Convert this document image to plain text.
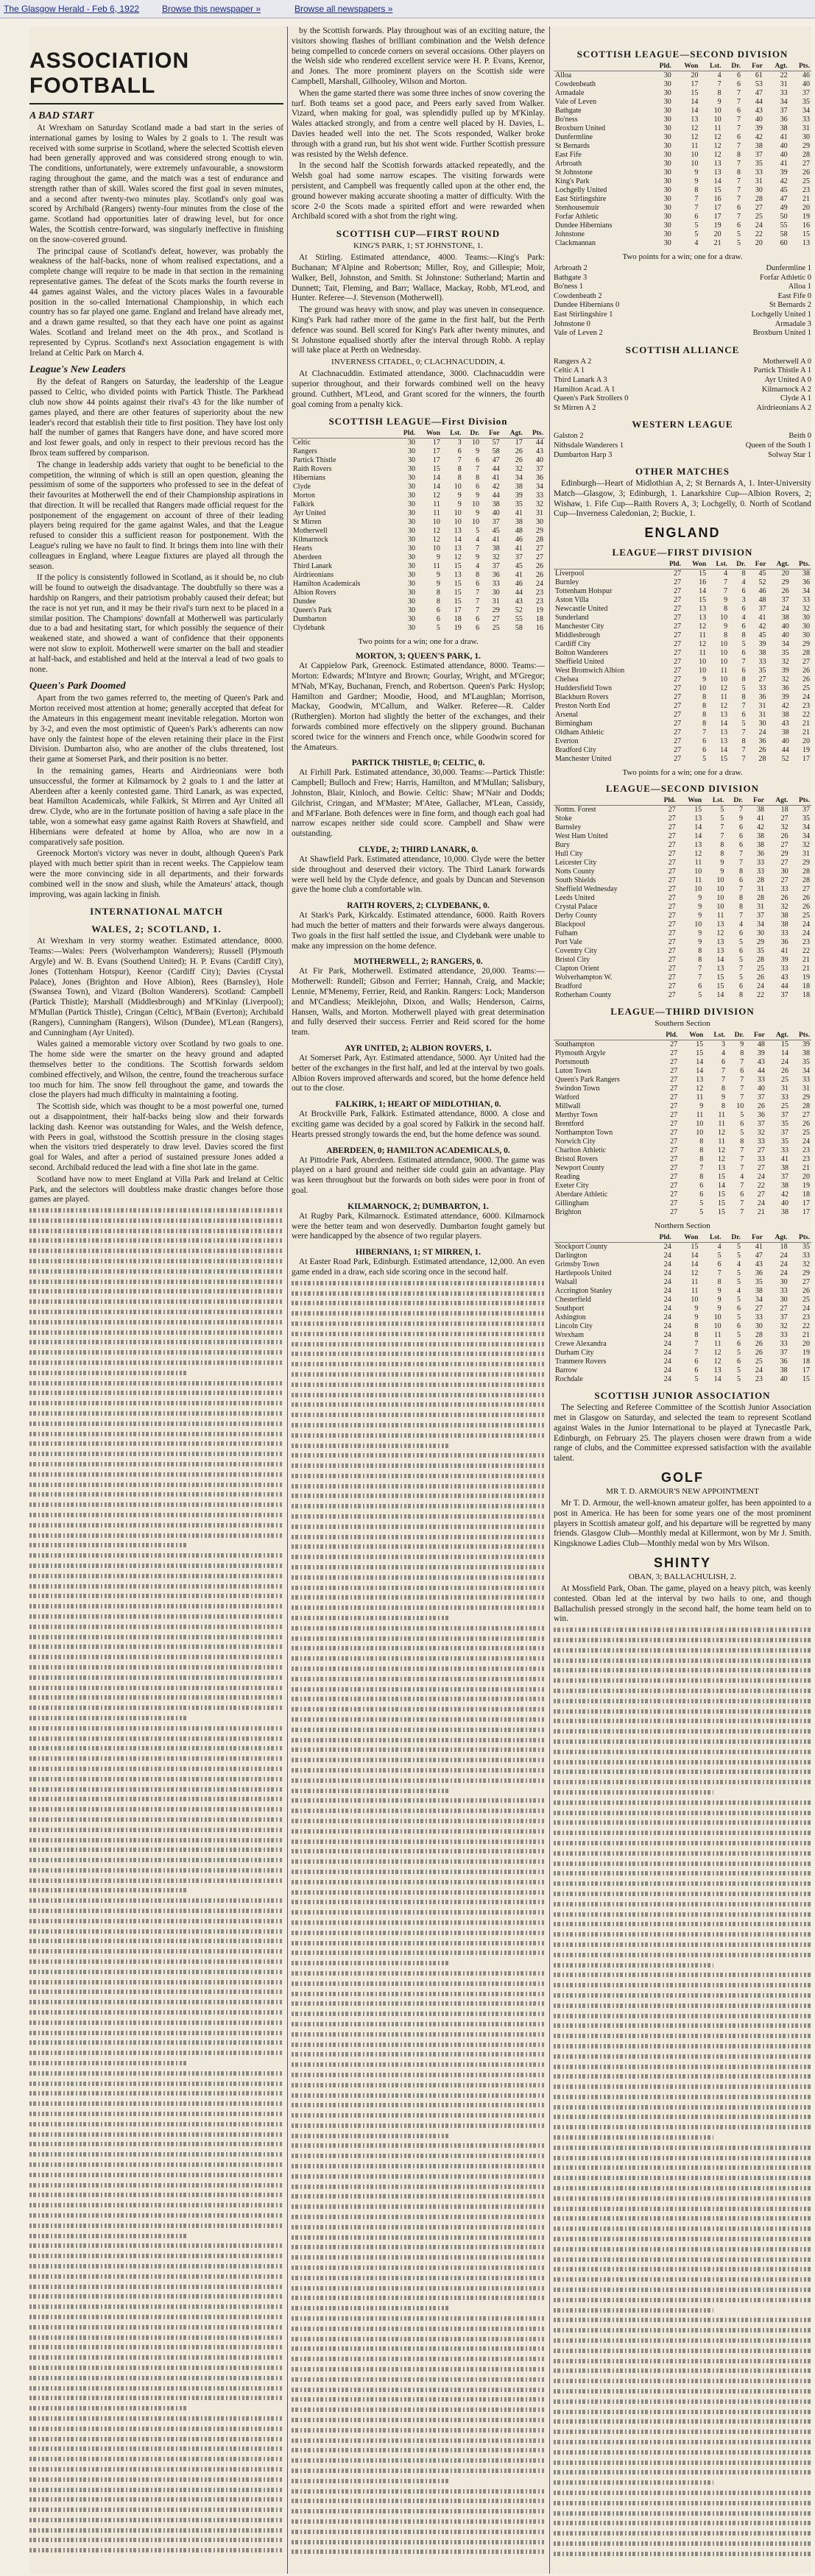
The Glasgow Herald - Feb 6, 1922	Browse this newspaper »	Browse all newspapers »
ASSOCIATION FOOTBALL
A BAD START

At Wrexham on Saturday Scotland made a bad start in the series of international games by losing to Wales by 2 goals to 1. The result was received with some surprise in Scotland, where the selected Scottish eleven had been generally approved and was considered strong enough to win. The conditions, unfortunately, were extremely unfavourable, a snowstorm raging throughout the game, and the match was a test of endurance and strength rather than of skill. Wales scored the first goal in seven minutes, and a second after twenty-two minutes play. Scotland's only goal was scored by Archibald (Rangers) twenty-four minutes from the close of the game. Scotland had opportunities later of drawing level, but for once Wales, the Scottish centre-forward, was singularly ineffective in finishing on the snow-covered ground.

The principal cause of Scotland's defeat, however, was probably the weakness of the half-backs, none of whom realised expectations, and a complete change will require to be made in that section in the remaining representative games. The defeat of the Scots marks the fourth reverse in 44 games against Wales, and the victory places Wales in a favourable position in the so-called International Championship, in which each country has so far played one game. England and Ireland have already met, and a drawn game resulted, so that they each have one point as against Wales. Scotland and Ireland meet on the 4th prox., and Scotland is represented by Cyprus. Scotland's next Association engagement is with Ireland at Celtic Park on March 4.

League's New Leaders

By the defeat of Rangers on Saturday, the leadership of the League passed to Celtic, who divided points with Partick Thistle. The Parkhead club now show 44 points against their rival's 43 for the like number of games played, and there are other features of superiority about the new leader's record that establish their title to first position. They have lost only half the number of games that Rangers have done, and have scored more and lost fewer goals, and only in respect to their previous record has the Ibrox team suffered by comparison.

The change in leadership adds variety that ought to be beneficial to the competition, the winning of which is still an open question, gleaning the pessimism of some of the supporters who professed to see in the defeat of their favourites at Motherwell the end of their Championship aspirations in that direction. It will be recalled that Rangers made official request for the postponement of the engagement on account of three of their leading players being required for the game against Wales, and that the League refused to consider this a sufficient reason for postponement. With the League's ruling we have no fault to find. It brings them into line with their colleagues in England, where League fixtures are played all through the season.

If the policy is consistently followed in Scotland, as it should be, no club will be found to outweigh the disadvantage. The doubtfully so there was a hardship on Rangers, and their patriotism probably caused their defeat; but the race is not yet run, and it may be their rival's turn next to be placed in a similar position. The Champions' downfall at Motherwell was particularly due to a bad and hesitating start, for which possibly the sequence of their weakened state, and showed a want of confidence that their opponents were not slow to exploit. Motherwell were smarter on the ball and steadier at half-back, and established and held at the interval a lead of two goals to none.

Queen's Park Doomed

Apart from the two games referred to, the meeting of Queen's Park and Morton received most attention at home; generally accepted that defeat for the Amateurs in this engagement meant inevitable relegation. Morton won by 3-2, and even the most optimistic of Queen's Park's adherents can now have only the faintest hope of the eleven retaining their place in the First Division. Dumbarton also, who are another of the clubs threatened, lost their game at Somerset Park, and their position is no better.

In the remaining games, Hearts and Airdrieonians were both unsuccessful, the former at Kilmarnock by 2 goals to 1 and the latter at Aberdeen after a keenly contested game. Third Lanark, as was expected, beat Hamilton Academicals, while Falkirk, St Mirren and Ayr United all drew. Clyde, who are in the fortunate position of having a safe place in the table, won a somewhat easy game against Raith Rovers at Shawfield, and Hibernians were defeated at home by Alloa, who are now in a comparatively safe position.

Greenock Morton's victory was never in doubt, although Queen's Park played with much better spirit than in recent weeks. The Cappielow team were the more convincing side in all departments, and their forwards combined well in the snow and slush, while the Amateurs' attack, though improving, was again lacking in finish.

INTERNATIONAL MATCH
WALES, 2; SCOTLAND, 1.

At Wrexham in very stormy weather. Estimated attendance, 8000. Teams:—Wales: Peers (Wolverhampton Wanderers); Russell (Plymouth Argyle) and W. B. Evans (Southend United); H. P. Evans (Cardiff City), Jones (Tottenham Hotspur), Keenor (Cardiff City); Davies (Crystal Palace), Jones (Brighton and Hove Albion), Rees (Barnsley), Hole (Swansea Town), and Vizard (Bolton Wanderers). Scotland: Campbell (Partick Thistle); Marshall (Middlesbrough) and M'Kinlay (Liverpool); M'Mullan (Partick Thistle), Cringan (Celtic), M'Bain (Everton); Archibald (Rangers), Cunningham (Rangers), Wilson (Dundee), M'Lean (Rangers), and Cunningham (Ayr United).

Wales gained a memorable victory over Scotland by two goals to one. The home side were the smarter on the heavy ground and adapted themselves better to the conditions. The Scottish forwards seldom combined effectively, and Wilson, the centre, found the treacherous surface too much for him. The snow fell throughout the game, and towards the close the players had much difficulty in maintaining a footing.

The Scottish side, which was thought to be a most powerful one, turned out a disappointment, their half-backs being slow and their forwards lacking dash. Keenor was outstanding for Wales, and the Welsh defence, with Peers in goal, withstood the Scottish pressure in the closing stages when the visitors tried desperately to draw level. Davies scored the first goal for Wales, and after a period of sustained pressure Jones added a second. Archibald reduced the lead with a fine shot late in the game.

Scotland have now to meet England at Villa Park and Ireland at Celtic Park, and the selectors will doubtless make drastic changes before those games are played.

by the Scottish forwards. Play throughout was of an exciting nature, the visitors showing flashes of brilliant combination and the Welsh defence being compelled to concede corners on several occasions. Other players on the Welsh side who rendered excellent service were H. P. Evans, Keenor, and Jones. The more prominent players on the Scottish side were Campbell, Marshall, Gilhooley, Wilson and Morton.

When the game started there was some three inches of snow covering the turf. Both teams set a good pace, and Peers early saved from Walker. Vizard, when making for goal, was splendidly pulled up by M'Kinlay. Wales attacked strongly, and from a centre well placed by H. Davies, L. Davies headed well into the net. The Scots responded, Walker broke through with a grand run, but his shot went wide. Further Scottish pressure was resisted by the Welsh defence.

In the second half the Scottish forwards attacked repeatedly, and the Welsh goal had some narrow escapes. The visiting forwards were persistent, and Campbell was frequently called upon at the other end, the ground however making accurate shooting a matter of difficulty. With the score 2-0 the Scots made a spirited effort and were rewarded when Archibald scored with a shot from the right wing.

SCOTTISH CUP—FIRST ROUND
KING'S PARK, 1; ST JOHNSTONE, 1.

At Stirling. Estimated attendance, 4000. Teams:—King's Park: Buchanan; M'Alpine and Robertson; Miller, Roy, and Gillespie; Moir, Walker, Bell, Johnston, and Smith. St Johnstone: Sutherland; Martin and Dunnett; Tait, Fleming, and Barr; Wallace, Mackay, Robb, M'Leod, and Hunter. Referee—J. Stevenson (Motherwell).

The ground was heavy with snow, and play was uneven in consequence. King's Park had rather more of the game in the first half, but the Perth defence was sound. Bell scored for King's Park after twenty minutes, and St Johnstone equalised shortly after the interval through Robb. A replay will take place at Perth on Wednesday.

INVERNESS CITADEL, 0; CLACHNACUDDIN, 4.

At Clachnacuddin. Estimated attendance, 3000. Clachnacuddin were superior throughout, and their forwards combined well on the heavy ground. Cuthbert, M'Leod, and Grant scored for the winners, the fourth goal coming from a penalty kick.

SCOTTISH LEAGUE—First Division
	Pld.	Won	Lst.	Dr.	For	Agt.	Pts.
Celtic	30	17	3	10	57	17	44
Rangers	30	17	6	9	58	26	43
Partick Thistle	30	17	7	6	47	26	40
Raith Rovers	30	15	8	7	44	32	37
Hibernians	30	14	8	8	41	34	36
Clyde	30	14	10	6	42	38	34
Morton	30	12	9	9	44	39	33
Falkirk	30	11	9	10	38	35	32
Ayr United	30	11	10	9	40	41	31
St Mirren	30	10	10	10	37	38	30
Motherwell	30	12	13	5	45	48	29
Kilmarnock	30	12	14	4	41	46	28
Hearts	30	10	13	7	38	41	27
Aberdeen	30	9	12	9	32	37	27
Third Lanark	30	11	15	4	37	45	26
Airdrieonians	30	9	13	8	36	41	26
Hamilton Academicals	30	9	15	6	33	46	24
Albion Rovers	30	8	15	7	30	44	23
Dundee	30	8	15	7	31	43	23
Queen's Park	30	6	17	7	29	52	19
Dumbarton	30	6	18	6	27	55	18
Clydebank	30	5	19	6	25	58	16
Two points for a win; one for a draw.
MORTON, 3; QUEEN'S PARK, 1.

At Cappielow Park, Greenock. Estimated attendance, 8000. Teams:—Morton: Edwards; M'Intyre and Brown; Gourlay, Wright, and M'Gregor; M'Nab, M'Kay, Buchanan, French, and Robertson. Queen's Park: Hyslop; Hamilton and Gardner; Moodie, Hood, and M'Laughlan; Morrison, Mackay, Goodwin, M'Callum, and Walker. Referee—R. Calder (Rutherglen). Morton had slightly the better of the exchanges, and their forwards combined more effectively on the slippery ground. Buchanan scored twice for the winners and French once, while Goodwin scored for the Amateurs.

PARTICK THISTLE, 0; CELTIC, 0.

At Firhill Park. Estimated attendance, 30,000. Teams:—Partick Thistle: Campbell; Bulloch and Frew; Harris, Hamilton, and M'Mullan; Salisbury, Johnston, Blair, Kinloch, and Bowie. Celtic: Shaw; M'Nair and Dodds; Gilchrist, Cringan, and M'Master; M'Atee, Gallacher, M'Lean, Cassidy, and M'Farlane. Both defences were in fine form, and though each goal had narrow escapes neither side could score. Campbell and Shaw were outstanding.

CLYDE, 2; THIRD LANARK, 0.

At Shawfield Park. Estimated attendance, 10,000. Clyde were the better side throughout and deserved their victory. The Third Lanark forwards were well held by the Clyde defence, and goals by Duncan and Stevenson gave the home club a comfortable win.

RAITH ROVERS, 2; CLYDEBANK, 0.

At Stark's Park, Kirkcaldy. Estimated attendance, 6000. Raith Rovers had much the better of matters and their forwards were always dangerous. Two goals in the first half settled the issue, and Clydebank were unable to make any impression on the home defence.

MOTHERWELL, 2; RANGERS, 0.

At Fir Park, Motherwell. Estimated attendance, 20,000. Teams:—Motherwell: Rundell; Gibson and Ferrier; Hannah, Craig, and Mackie; Lennie, M'Menemy, Ferrier, Reid, and Rankin. Rangers: Lock; Manderson and M'Candless; Meiklejohn, Dixon, and Walls; Henderson, Cairns, Hansen, Walls, and Morton. Motherwell played with great determination and fully deserved their success. Ferrier and Reid scored for the home team.

AYR UNITED, 2; ALBION ROVERS, 1.

At Somerset Park, Ayr. Estimated attendance, 5000. Ayr United had the better of the exchanges in the first half, and led at the interval by two goals. Albion Rovers improved afterwards and scored, but the home defence held out to the close.

FALKIRK, 1; HEART OF MIDLOTHIAN, 0.

At Brockville Park, Falkirk. Estimated attendance, 8000. A close and exciting game was decided by a goal scored by Falkirk in the second half. Hearts pressed strongly towards the end, but the home defence was sound.

ABERDEEN, 0; HAMILTON ACADEMICALS, 0.

At Pittodrie Park, Aberdeen. Estimated attendance, 9000. The game was played on a hard ground and neither side could gain an advantage. Play was keen throughout but the forwards on both sides were poor in front of goal.

KILMARNOCK, 2; DUMBARTON, 1.

At Rugby Park, Kilmarnock. Estimated attendance, 6000. Kilmarnock were the better team and won deservedly. Dumbarton fought gamely but were handicapped by the absence of two regular players.

HIBERNIANS, 1; ST MIRREN, 1.

At Easter Road Park, Edinburgh. Estimated attendance, 12,000. An even game ended in a draw, each side scoring once in the second half.

SCOTTISH LEAGUE—SECOND DIVISION
	Pld.	Won	Lst.	Dr.	For	Agt.	Pts.
Alloa	30	20	4	6	61	22	46
Cowdenbeath	30	17	7	6	53	31	40
Armadale	30	15	8	7	47	33	37
Vale of Leven	30	14	9	7	44	34	35
Bathgate	30	14	10	6	43	37	34
Bo'ness	30	13	10	7	40	36	33
Broxburn United	30	12	11	7	39	38	31
Dunfermline	30	12	12	6	42	41	30
St Bernards	30	11	12	7	38	40	29
East Fife	30	10	12	8	37	40	28
Arbroath	30	10	13	7	35	41	27
St Johnstone	30	9	13	8	33	39	26
King's Park	30	9	14	7	31	42	25
Lochgelly United	30	8	15	7	30	45	23
East Stirlingshire	30	7	16	7	28	47	21
Stenhousemuir	30	7	17	6	27	49	20
Forfar Athletic	30	6	17	7	25	50	19
Dundee Hibernians	30	5	19	6	24	55	16
Johnstone	30	5	20	5	22	58	15
Clackmannan	30	4	21	5	20	60	13
Two points for a win; one for a draw.
Arbroath 2	Dunfermline 1
Bathgate 3	Forfar Athletic 0
Bo'ness 1	Alloa 1
Cowdenbeath 2	East Fife 0
Dundee Hibernians 0	St Bernards 2
East Stirlingshire 1	Lochgelly United 1
Johnstone 0	Armadale 3
Vale of Leven 2	Broxburn United 1
SCOTTISH ALLIANCE
Rangers A 2	Motherwell A 0
Celtic A 1	Partick Thistle A 1
Third Lanark A 3	Ayr United A 0
Hamilton Acad. A 1	Kilmarnock A 2
Queen's Park Strollers 0	Clyde A 1
St Mirren A 2	Airdrieonians A 2
WESTERN LEAGUE
Galston 2	Beith 0
Nithsdale Wanderers 1	Queen of the South 1
Dumbarton Harp 3	Solway Star 1
OTHER MATCHES

Edinburgh—Heart of Midlothian A, 2; St Bernards A, 1. Inter-University Match—Glasgow, 3; Edinburgh, 1. Lanarkshire Cup—Albion Rovers, 2; Wishaw, 1. Fife Cup—Raith Rovers A, 3; Lochgelly, 0. North of Scotland Cup—Inverness Caledonian, 2; Buckie, 1.

ENGLAND
LEAGUE—FIRST DIVISION
	Pld.	Won	Lst.	Dr.	For	Agt.	Pts.
Liverpool	27	15	4	8	45	20	38
Burnley	27	16	7	4	52	29	36
Tottenham Hotspur	27	14	7	6	46	26	34
Aston Villa	27	15	9	3	48	37	33
Newcastle United	27	13	8	6	37	24	32
Sunderland	27	13	10	4	41	38	30
Manchester City	27	12	9	6	42	40	30
Middlesbrough	27	11	8	8	45	40	30
Cardiff City	27	12	10	5	39	34	29
Bolton Wanderers	27	11	10	6	38	35	28
Sheffield United	27	10	10	7	33	32	27
West Bromwich Albion	27	10	11	6	35	39	26
Chelsea	27	9	10	8	27	32	26
Huddersfield Town	27	10	12	5	33	36	25
Blackburn Rovers	27	8	11	8	36	39	24
Preston North End	27	8	12	7	31	42	23
Arsenal	27	8	13	6	31	38	22
Birmingham	27	8	14	5	30	43	21
Oldham Athletic	27	7	13	7	24	38	21
Everton	27	6	13	8	36	40	20
Bradford City	27	6	14	7	26	44	19
Manchester United	27	5	15	7	28	52	17
Two points for a win; one for a draw.
LEAGUE—SECOND DIVISION
	Pld.	Won	Lst.	Dr.	For	Agt.	Pts.
Nottm. Forest	27	15	5	7	38	18	37
Stoke	27	13	5	9	41	27	35
Barnsley	27	14	7	6	42	32	34
West Ham United	27	14	7	6	38	26	34
Bury	27	13	8	6	38	27	32
Hull City	27	12	8	7	36	29	31
Leicester City	27	11	9	7	33	27	29
Notts County	27	10	9	8	33	30	28
South Shields	27	11	10	6	28	27	28
Sheffield Wednesday	27	10	10	7	31	33	27
Leeds United	27	9	10	8	28	26	26
Crystal Palace	27	9	10	8	31	32	26
Derby County	27	9	11	7	37	38	25
Blackpool	27	10	13	4	34	38	24
Fulham	27	9	12	6	30	33	24
Port Vale	27	9	13	5	29	36	23
Coventry City	27	8	13	6	35	41	22
Bristol City	27	8	14	5	28	39	21
Clapton Orient	27	7	13	7	25	33	21
Wolverhampton W.	27	7	15	5	26	43	19
Bradford	27	6	15	6	24	44	18
Rotherham County	27	5	14	8	22	37	18
LEAGUE—THIRD DIVISION
Southern Section
	Pld.	Won	Lst.	Dr.	For	Agt.	Pts.
Southampton	27	15	3	9	48	15	39
Plymouth Argyle	27	15	4	8	39	14	38
Portsmouth	27	14	6	7	43	24	35
Luton Town	27	14	7	6	44	26	34
Queen's Park Rangers	27	13	7	7	33	25	33
Swindon Town	27	12	8	7	40	31	31
Watford	27	11	9	7	37	33	29
Millwall	27	9	8	10	26	25	28
Merthyr Town	27	11	11	5	36	37	27
Brentford	27	10	11	6	37	35	26
Northampton Town	27	10	12	5	32	37	25
Norwich City	27	8	11	8	33	35	24
Charlton Athletic	27	8	12	7	27	33	23
Bristol Rovers	27	8	12	7	33	41	23
Newport County	27	7	13	7	27	38	21
Reading	27	8	15	4	24	37	20
Exeter City	27	6	14	7	22	38	19
Aberdare Athletic	27	6	15	6	27	42	18
Gillingham	27	5	15	7	24	40	17
Brighton	27	5	15	7	21	38	17
Northern Section
	Pld.	Won	Lst.	Dr.	For	Agt.	Pts.
Stockport County	24	15	4	5	41	18	35
Darlington	24	14	5	5	47	24	33
Grimsby Town	24	14	6	4	43	24	32
Hartlepools United	24	12	7	5	36	24	29
Walsall	24	11	8	5	35	30	27
Accrington Stanley	24	11	9	4	38	33	26
Chesterfield	24	10	9	5	34	30	25
Southport	24	9	9	6	27	27	24
Ashington	24	9	10	5	33	37	23
Lincoln City	24	8	10	6	30	32	22
Wrexham	24	8	11	5	28	33	21
Crewe Alexandra	24	7	11	6	26	33	20
Durham City	24	7	12	5	26	37	19
Tranmere Rovers	24	6	12	6	25	36	18
Barrow	24	6	13	5	24	38	17
Rochdale	24	5	14	5	23	40	15
SCOTTISH JUNIOR ASSOCIATION

The Selecting and Referee Committee of the Scottish Junior Association met in Glasgow on Saturday, and selected the team to represent Scotland against Wales in the Junior International to be played at Tynecastle Park, Edinburgh, on February 25. The players chosen were drawn from a wide range of clubs, and the Committee expressed satisfaction with the available talent.

GOLF
MR T. D. ARMOUR'S NEW APPOINTMENT

Mr T. D. Armour, the well-known amateur golfer, has been appointed to a post in America. He has been for some years one of the most prominent players in Scottish amateur golf, and his departure will be regretted by many friends. Glasgow Club—Monthly medal at Killermont, won by Mr J. Smith. Kingsknowe Ladies Club—Monthly medal won by Mrs Wilson.

SHINTY
OBAN, 3; BALLACHULISH, 2.

At Mossfield Park, Oban. The game, played on a heavy pitch, was keenly contested. Oban led at the interval by two hails to one, and though Ballachulish pressed strongly in the second half, the home team held on to win.
